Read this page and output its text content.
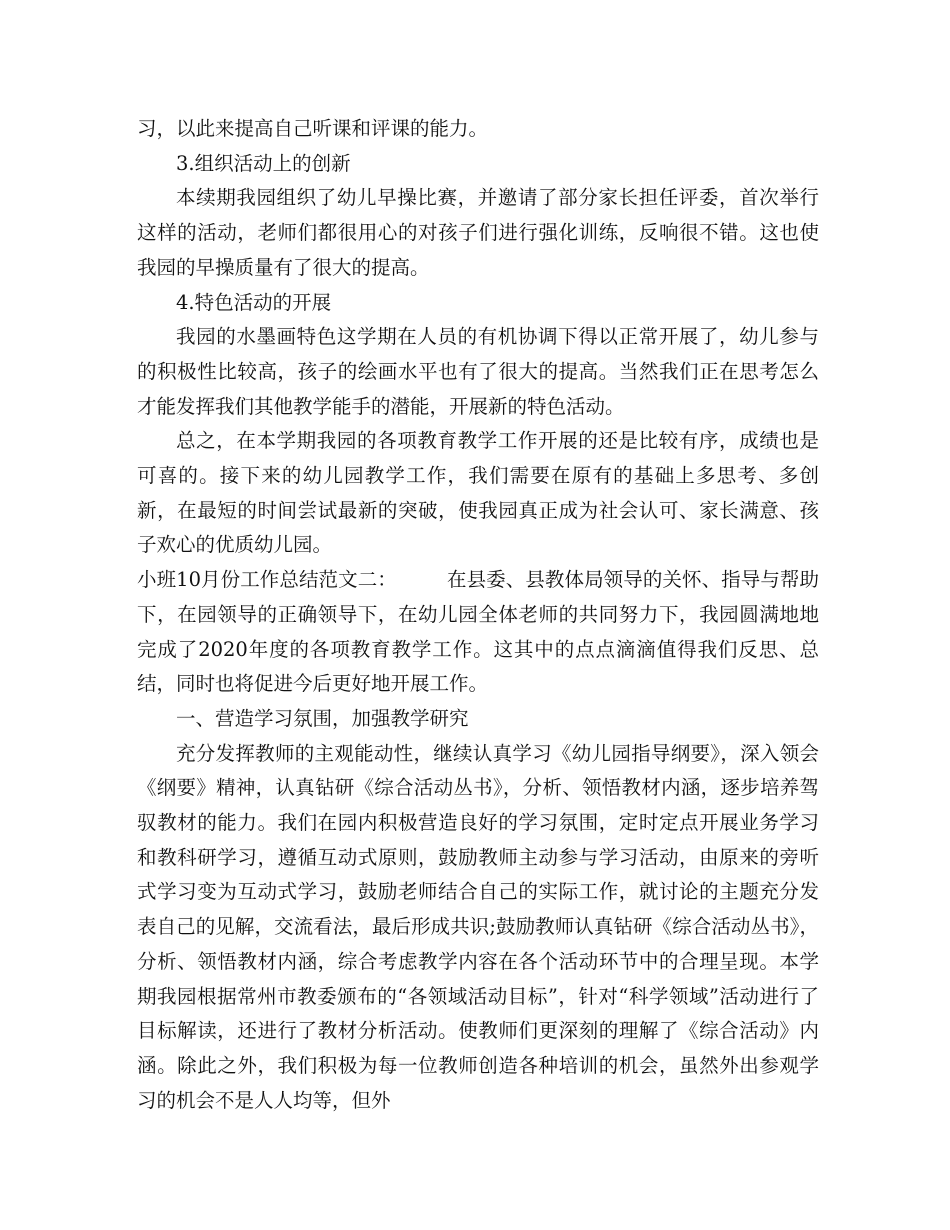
习，以此来提高自己听课和评课的能力。

3.组织活动上的创新

本续期我园组织了幼儿早操比赛，并邀请了部分家长担任评委，首次举行这样的活动，老师们都很用心的对孩子们进行强化训练，反响很不错。这也使我园的早操质量有了很大的提高。

4.特色活动的开展

我园的水墨画特色这学期在人员的有机协调下得以正常开展了，幼儿参与的积极性比较高，孩子的绘画水平也有了很大的提高。当然我们正在思考怎么才能发挥我们其他教学能手的潜能，开展新的特色活动。

总之，在本学期我园的各项教育教学工作开展的还是比较有序，成绩也是可喜的。接下来的幼儿园教学工作，我们需要在原有的基础上多思考、多创新，在最短的时间尝试最新的突破，使我园真正成为社会认可、家长满意、孩子欢心的优质幼儿园。

小班10月份工作总结范文二：	在县委、县教体局领导的关怀、指导与帮助下，在园领导的正确领导下，在幼儿园全体老师的共同努力下，我园圆满地地完成了2020年度的各项教育教学工作。这其中的点点滴滴值得我们反思、总结，同时也将促进今后更好地开展工作。

一、营造学习氛围，加强教学研究

充分发挥教师的主观能动性，继续认真学习《幼儿园指导纲要》，深入领会《纲要》精神，认真钻研《综合活动丛书》，分析、领悟教材内涵，逐步培养驾驭教材的能力。我们在园内积极营造良好的学习氛围，定时定点开展业务学习和教科研学习，遵循互动式原则，鼓励教师主动参与学习活动，由原来的旁听式学习变为互动式学习，鼓励老师结合自己的实际工作，就讨论的主题充分发表自己的见解，交流看法，最后形成共识;鼓励教师认真钻研《综合活动丛书》，分析、领悟教材内涵，综合考虑教学内容在各个活动环节中的合理呈现。本学期我园根据常州市教委颁布的“各领域活动目标”，针对“科学领域”活动进行了目标解读，还进行了教材分析活动。使教师们更深刻的理解了《综合活动》内涵。除此之外，我们积极为每一位教师创造各种培训的机会，虽然外出参观学习的机会不是人人均等，但外
